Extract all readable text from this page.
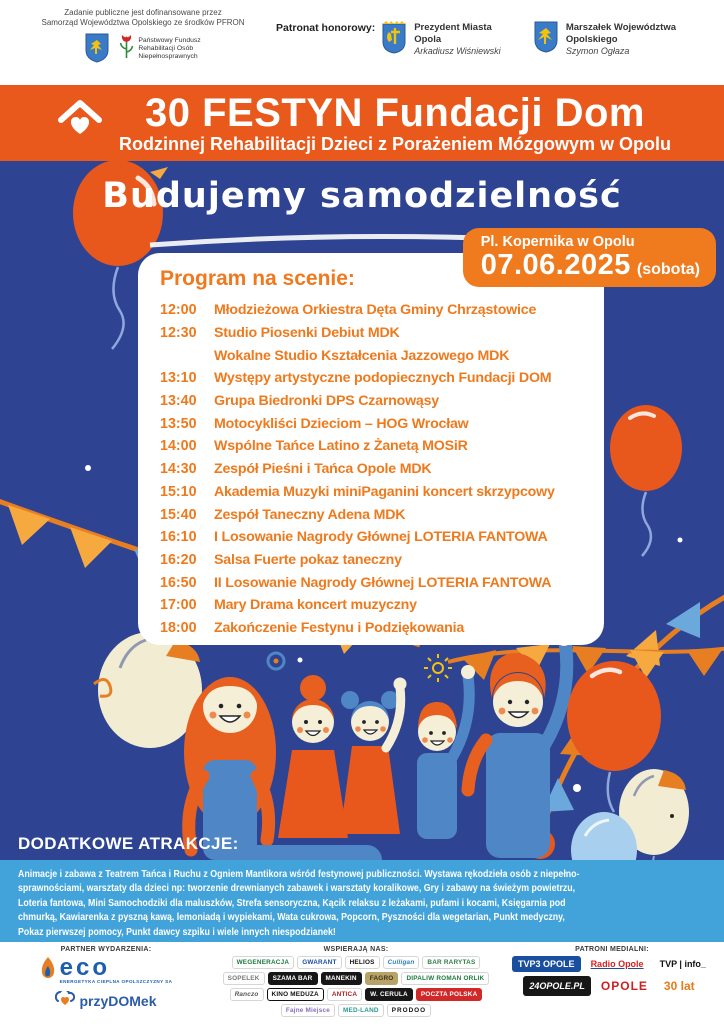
Zadanie publiczne jest dofinansowane przez
Samorząd Województwa Opolskiego ze środków PFRON
Państwowy Fundusz
Rehabilitacji Osób
Niepełnosprawnych
Patronat honorowy:	Prezydent Miasta Opola
Arkadiusz Wiśniewski
Marszałek Województwa Opolskiego
Szymon Ogłaza
30 FESTYN Fundacji Dom
Rodzinnej Rehabilitacji Dzieci z Porażeniem Mózgowym w Opolu
Budujemy samodzielność
Pl. Kopernika w Opolu
07.06.2025 (sobota)
Program na scenie:
12:00	Młodzieżowa Orkiestra Dęta Gminy Chrząstowice
12:30	Studio Piosenki Debiut MDK
Wokalne Studio Kształcenia Jazzowego MDK
13:10	Występy artystyczne podopiecznych Fundacji DOM
13:40	Grupa Biedronki DPS Czarnowąsy
13:50	Motocykliści Dzieciom – HOG Wrocław
14:00	Wspólne Tańce Latino z Żanetą MOSiR
14:30	Zespół Pieśni i Tańca Opole MDK
15:10	Akademia Muzyki miniPaganini koncert skrzypcowy
15:40	Zespół Taneczny Adena MDK
16:10	I Losowanie Nagrody Głównej LOTERIA FANTOWA
16:20	Salsa Fuerte pokaz taneczny
16:50	II Losowanie Nagrody Głównej LOTERIA FANTOWA
17:00	Mary Drama koncert muzyczny
18:00	Zakończenie Festynu i Podziękowania
DODATKOWE ATRAKCJE:
Animacje i zabawa z Teatrem Tańca i Ruchu z Ogniem Mantikora wśród festynowej publiczności. Wystawa rękodzieła osób z niepełno-
sprawnościami, warsztaty dla dzieci np: tworzenie drewnianych zabawek i warsztaty koralikowe, Gry i zabawy na świeżym powietrzu,
Loteria fantowa, Mini Samochodziki dla maluszków, Strefa sensoryczna, Kącik relaksu z leżakami, pufami i kocami, Księgarnia pod
chmurką, Kawiarenka z pyszną kawą, lemoniadą i wypiekami, Wata cukrowa, Popcorn, Pyszności dla wegetarian, Punkt medyczny,
Pokaz pierwszej pomocy, Punkt dawcy szpiku i wiele innych niespodzianek!
PARTNER WYDARZENIA:
eco
ENERGETYKA CIEPLNA OPOLSZCZYZNY SA
przyDOMek
WSPIERAJĄ NAS:
WEGENERACJA	GWARANT	HELIOS	Culligan	BAR RARYTAS
SOPELEK	SZAMA BAR	MANEKIN	FAGRO	DIPALIW ROMAN ORLIK
Ranczo	KINO MEDUZA	ANTICA	W. CERULA	POCZTA POLSKA
Fajne Miejsce	MED-LAND	PRODOO
PATRONI MEDIALNI:
TVP3 OPOLE	Radio Opole	TVP | info_
24OPOLE.PL	OPOLE	30 lat
